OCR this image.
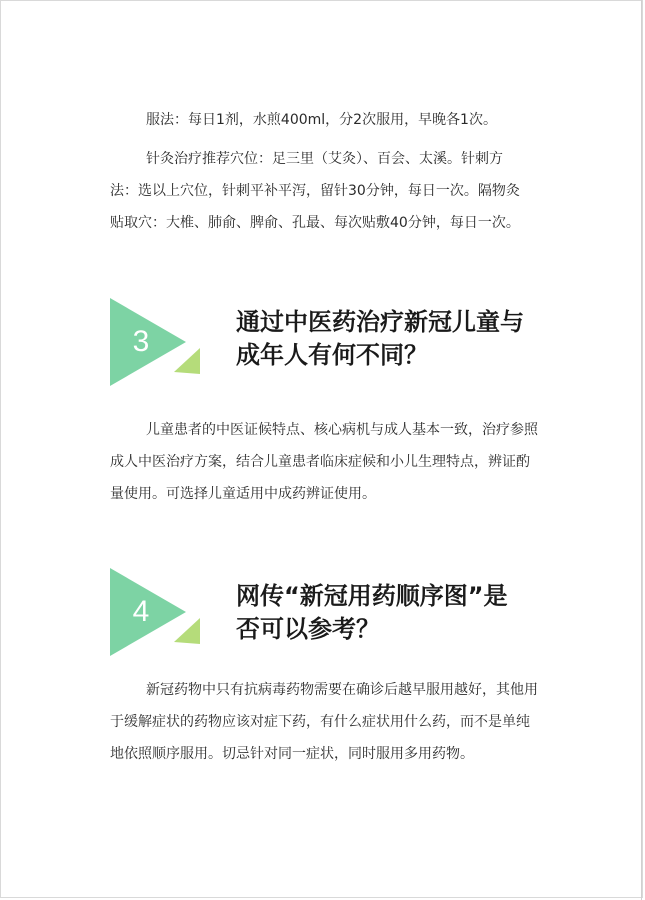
服法：每日1剂，水煎400ml，分2次服用，早晚各1次。
针灸治疗推荐穴位：足三里（艾灸）、百会、太溪。针刺方
法：选以上穴位，针刺平补平泻，留针30分钟，每日一次。隔物灸
贴取穴：大椎、肺俞、脾俞、孔最、每次贴敷40分钟，每日一次。
3
通过中医药治疗新冠儿童与
成年人有何不同？
儿童患者的中医证候特点、核心病机与成人基本一致，治疗参照
成人中医治疗方案，结合儿童患者临床症候和小儿生理特点，辨证酌
量使用。可选择儿童适用中成药辨证使用。
4	网传“新冠用药顺序图”是
否可以参考？
新冠药物中只有抗病毒药物需要在确诊后越早服用越好，其他用
于缓解症状的药物应该对症下药，有什么症状用什么药，而不是单纯
地依照顺序服用。切忌针对同一症状，同时服用多用药物。
